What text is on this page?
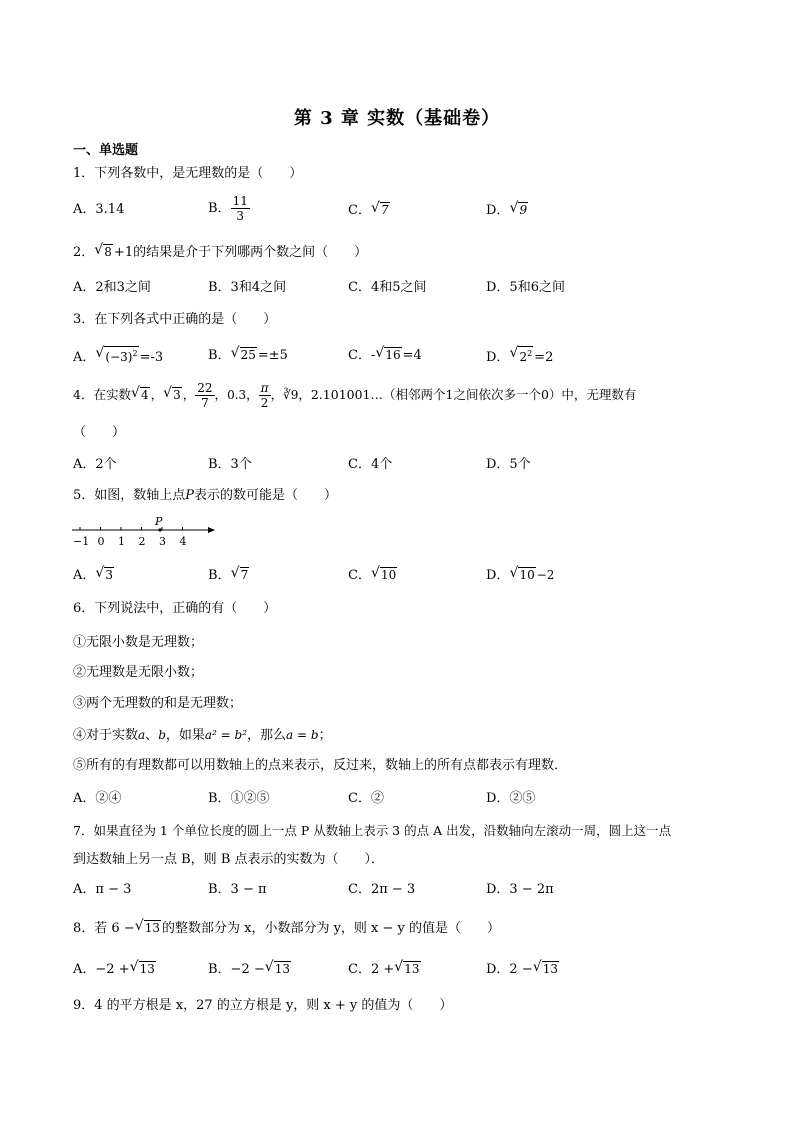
第 3 章 实数（基础卷）
一、单选题
1．下列各数中，是无理数的是（　　）
A．3.14	B． $\frac{11}{3}$	C． √ 7	D． √ 9
2． √ 8 +1的结果是介于下列哪两个数之间（　　）
A．2和3之间	B．3和4之间	C．4和5之间	D．5和6之间
3．在下列各式中正确的是（　　）
A． √ $(-3)^2 =-3$	B． √ 25 =±5	C．- √ 16 =4	D． √ $2^2 =2$
4．在实数 √ 4 ， √ 3 ， $\frac{22}{7}$ ，0.3， $\frac{\pi}{2}$ ，∛9，2.101001…（相邻两个1之间依次多一个0）中，无理数有
（　　）
A．2个	B．3个	C．4个	D．5个
5．如图，数轴上点P表示的数可能是（　　）
−1 0 1 2 3 4
P
A． √ 3	B． √ 7	C． √ 10	D． √ 10 −2
6．下列说法中，正确的有（　　）
①无限小数是无理数；
②无理数是无限小数；
③两个无理数的和是无理数；
④对于实数a、b，如果a² = b²，那么a = b；
⑤所有的有理数都可以用数轴上的点来表示，反过来，数轴上的所有点都表示有理数．
A．②④	B．①②⑤	C．②	D．②⑤
7．如果直径为 1 个单位长度的圆上一点 P 从数轴上表示 3 的点 A 出发，沿数轴向左滚动一周，圆上这一点
到达数轴上另一点 B，则 B 点表示的实数为（　　）．
A．π − 3	B．3 − π	C．2π − 3	D．3 − 2π
8．若 6 − √ 13 的整数部分为 x，小数部分为 y，则 x − y 的值是（　　）
A．−2 + √ 13	B．−2 − √ 13	C．2 + √ 13	D．2 − √ 13
9．4 的平方根是 x，27 的立方根是 y，则 x + y 的值为（　　）
